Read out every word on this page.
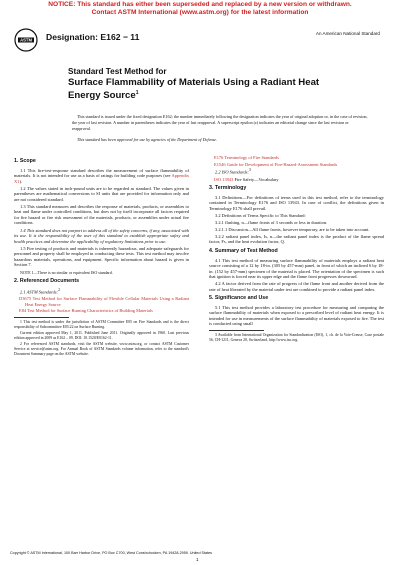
NOTICE: This standard has either been superseded and replaced by a new version or withdrawn.
Contact ASTM International (www.astm.org) for the latest information
ASTM Designation: E162 − 11	An American National Standard
Standard Test Method for
Surface Flammability of Materials Using a Radiant Heat
Energy Source$^1$
This standard is issued under the fixed designation E162; the number immediately following the designation indicates the year of original adoption or, in the case of revision, the year of last revision. A number in parentheses indicates the year of last reapproval. A superscript epsilon (ε) indicates an editorial change since the last revision or reapproval.
This standard has been approved for use by agencies of the Department of Defense.
1. Scope

1.1 This fire-test-response standard describes the measurement of surface flammability of materials. It is not intended for use as a basis of ratings for building code purposes (see Appendix X1).

1.2 The values stated in inch-pound units are to be regarded as standard. The values given in parentheses are mathematical conversions to SI units that are provided for information only and are not considered standard.

1.3 This standard measures and describes the response of materials, products, or assemblies to heat and flame under controlled conditions, but does not by itself incorporate all factors required for fire hazard or fire risk assessment of the materials, products, or assemblies under actual fire conditions.

1.4 This standard does not purport to address all of the safety concerns, if any, associated with its use. It is the responsibility of the user of this standard to establish appropriate safety and health practices and determine the applicability of regulatory limitations prior to use.

1.5 Fire testing of products and materials is inherently hazardous, and adequate safeguards for personnel and property shall be employed in conducting these tests. This test method may involve hazardous materials, operations, and equipment. Specific information about hazard is given in Section 7.

NOTE 1—There is no similar or equivalent ISO standard.
2. Referenced Documents
2.1 ASTM Standards:$^2$
D3675 Test Method for Surface Flammability of Flexible Cellular Materials Using a Radiant Heat Energy Source
E84 Test Method for Surface Burning Characteristics of Building Materials

1 This test method is under the jurisdiction of ASTM Committee E05 on Fire Standards and is the direct responsibility of Subcommittee E05.22 on Surface Burning.

Current edition approved May 1, 2011. Published June 2011. Originally approved in 1960. Last previous edition approved in 2009 as E162 – 09. DOI: 10.1520/E0162-11.

2 For referenced ASTM standards, visit the ASTM website, www.astm.org, or contact ASTM Customer Service at service@astm.org. For Annual Book of ASTM Standards volume information, refer to the standard's Document Summary page on the ASTM website.

E176 Terminology of Fire Standards
E1546 Guide for Development of Fire-Hazard-Assessment Standards
2.2 ISO Standards:$^3$
ISO 13943 Fire Safety—Vocabulary
3. Terminology

3.1 Definitions—For definitions of terms used in this test method, refer to the terminology contained in Terminology E176 and ISO 13943. In case of conflict, the definitions given in Terminology E176 shall prevail.

3.2 Definitions of Terms Specific to This Standard:

3.2.1 flashing, n—flame fronts of 3 seconds or less in duration.

3.2.1.1 Discussion—All flame fronts, however temporary, are to be taken into account.

3.2.2 radiant panel index, Is, n—the radiant panel index is the product of the flame spread factor, Fs, and the heat evolution factor, Q.

4. Summary of Test Method

4.1 This test method of measuring surface flammability of materials employs a radiant heat source consisting of a 12 by 18-in. (305 by 457-mm) panel, in front of which an inclined 6 by 18-in. (152 by 457-mm) specimen of the material is placed. The orientation of the specimen is such that ignition is forced near its upper edge and the flame front progresses downward.

4.2 A factor derived from the rate of progress of the flame front and another derived from the rate of heat liberated by the material under test are combined to provide a radiant panel index.

5. Significance and Use

5.1 This test method provides a laboratory test procedure for measuring and comparing the surface flammability of materials when exposed to a prescribed level of radiant heat energy. It is intended for use in measurements of the surface flammability of materials exposed to fire. The test is conducted using small

3 Available from International Organization for Standardization (ISO), 1, ch. de la Voie-Creuse, Case postale 56, CH-1211, Geneva 20, Switzerland, http://www.iso.org.

Copyright © ASTM International, 100 Barr Harbor Drive, PO Box C700, West Conshohocken, PA 19428-2959. United States
1
